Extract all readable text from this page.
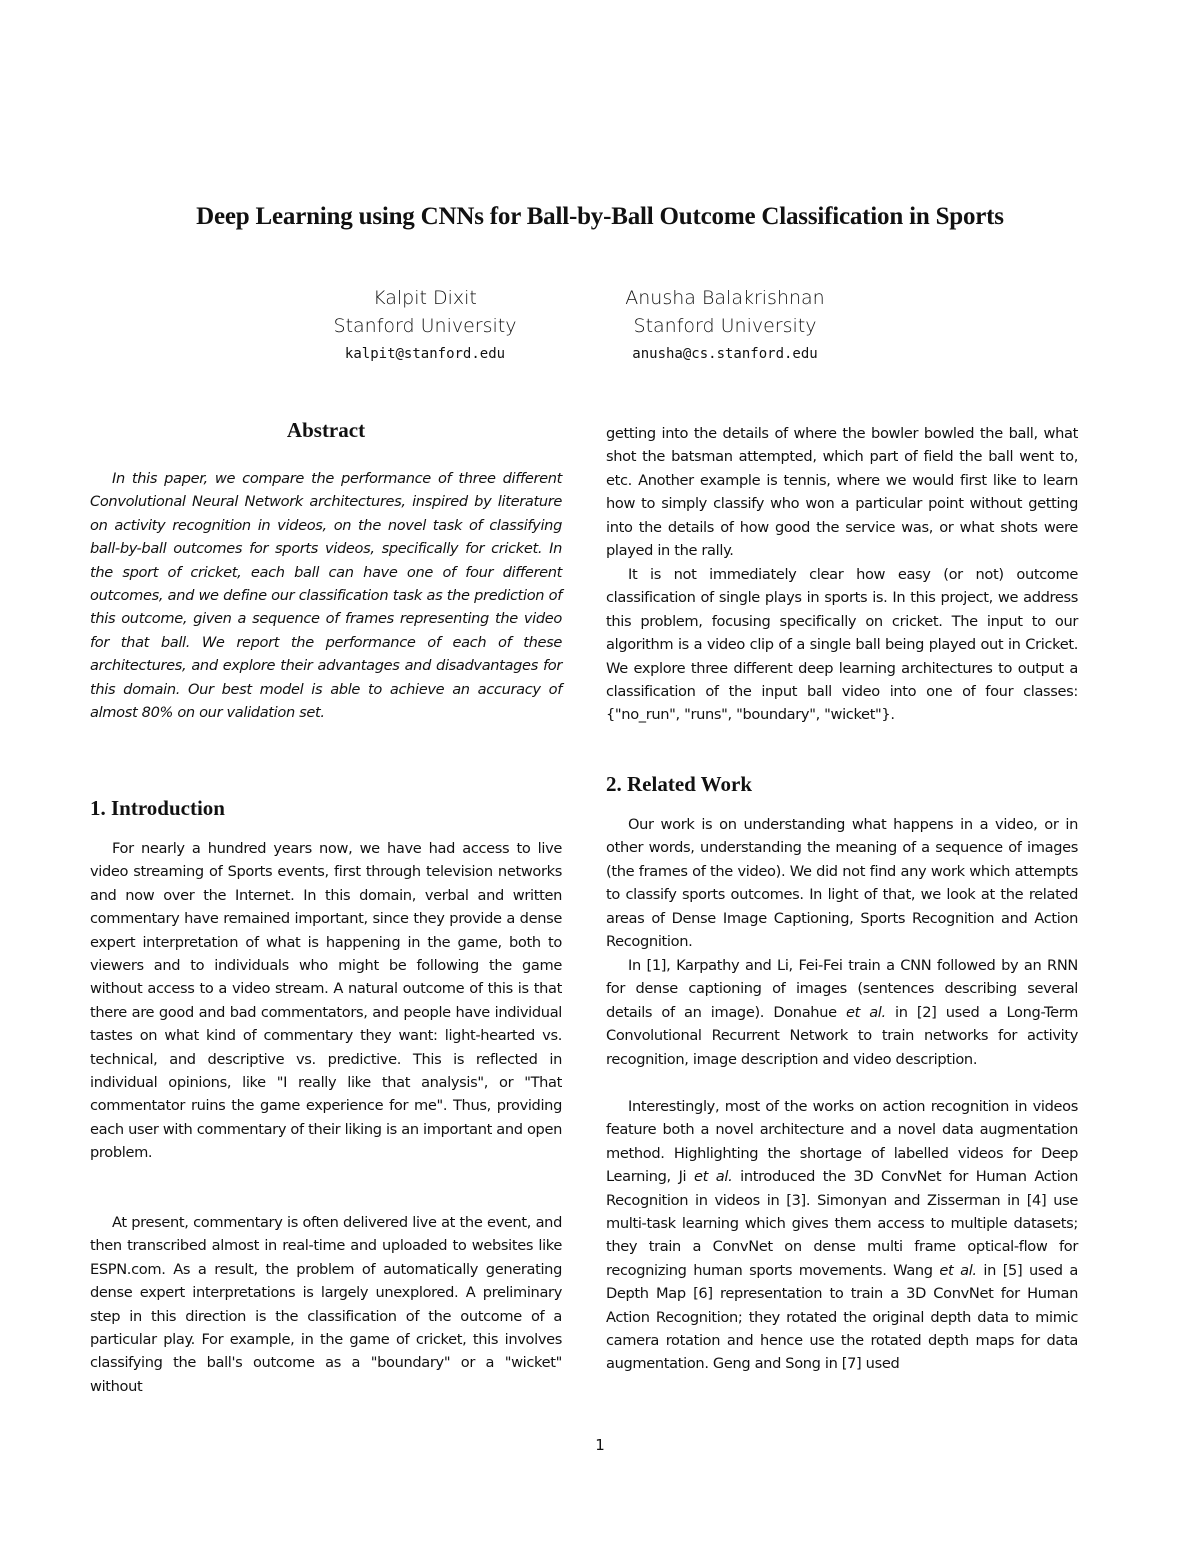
Deep Learning using CNNs for Ball-by-Ball Outcome Classification in Sports
Kalpit Dixit
Stanford University
kalpit@stanford.edu
Anusha Balakrishnan
Stanford University
anusha@cs.stanford.edu
Abstract
In this paper, we compare the performance of three different Convolutional Neural Network architectures, inspired by literature on activity recognition in videos, on the novel task of classifying ball-by-ball outcomes for sports videos, specifically for cricket. In the sport of cricket, each ball can have one of four different outcomes, and we define our classification task as the prediction of this outcome, given a sequence of frames representing the video for that ball. We report the performance of each of these architectures, and explore their advantages and disadvantages for this domain. Our best model is able to achieve an accuracy of almost 80% on our validation set.
1. Introduction
For nearly a hundred years now, we have had access to live video streaming of Sports events, first through television networks and now over the Internet. In this domain, verbal and written commentary have remained important, since they provide a dense expert interpretation of what is happening in the game, both to viewers and to individuals who might be following the game without access to a video stream. A natural outcome of this is that there are good and bad commentators, and people have individual tastes on what kind of commentary they want: light-hearted vs. technical, and descriptive vs. predictive. This is reflected in individual opinions, like "I really like that analysis", or "That commentator ruins the game experience for me". Thus, providing each user with commentary of their liking is an important and open problem.
At present, commentary is often delivered live at the event, and then transcribed almost in real-time and uploaded to websites like ESPN.com. As a result, the problem of automatically generating dense expert interpretations is largely unexplored. A preliminary step in this direction is the classification of the outcome of a particular play. For example, in the game of cricket, this involves classifying the ball's outcome as a "boundary" or a "wicket" without
getting into the details of where the bowler bowled the ball, what shot the batsman attempted, which part of field the ball went to, etc. Another example is tennis, where we would first like to learn how to simply classify who won a particular point without getting into the details of how good the service was, or what shots were played in the rally.
It is not immediately clear how easy (or not) outcome classification of single plays in sports is. In this project, we address this problem, focusing specifically on cricket. The input to our algorithm is a video clip of a single ball being played out in Cricket. We explore three different deep learning architectures to output a classification of the input ball video into one of four classes: {"no_run", "runs", "boundary", "wicket"}.
2. Related Work
Our work is on understanding what happens in a video, or in other words, understanding the meaning of a sequence of images (the frames of the video). We did not find any work which attempts to classify sports outcomes. In light of that, we look at the related areas of Dense Image Captioning, Sports Recognition and Action Recognition.
In [1], Karpathy and Li, Fei-Fei train a CNN followed by an RNN for dense captioning of images (sentences describing several details of an image). Donahue et al. in [2] used a Long-Term Convolutional Recurrent Network to train networks for activity recognition, image description and video description.
Interestingly, most of the works on action recognition in videos feature both a novel architecture and a novel data augmentation method. Highlighting the shortage of labelled videos for Deep Learning, Ji et al. introduced the 3D ConvNet for Human Action Recognition in videos in [3]. Simonyan and Zisserman in [4] use multi-task learning which gives them access to multiple datasets; they train a ConvNet on dense multi frame optical-flow for recognizing human sports movements. Wang et al. in [5] used a Depth Map [6] representation to train a 3D ConvNet for Human Action Recognition; they rotated the original depth data to mimic camera rotation and hence use the rotated depth maps for data augmentation. Geng and Song in [7] used
1
